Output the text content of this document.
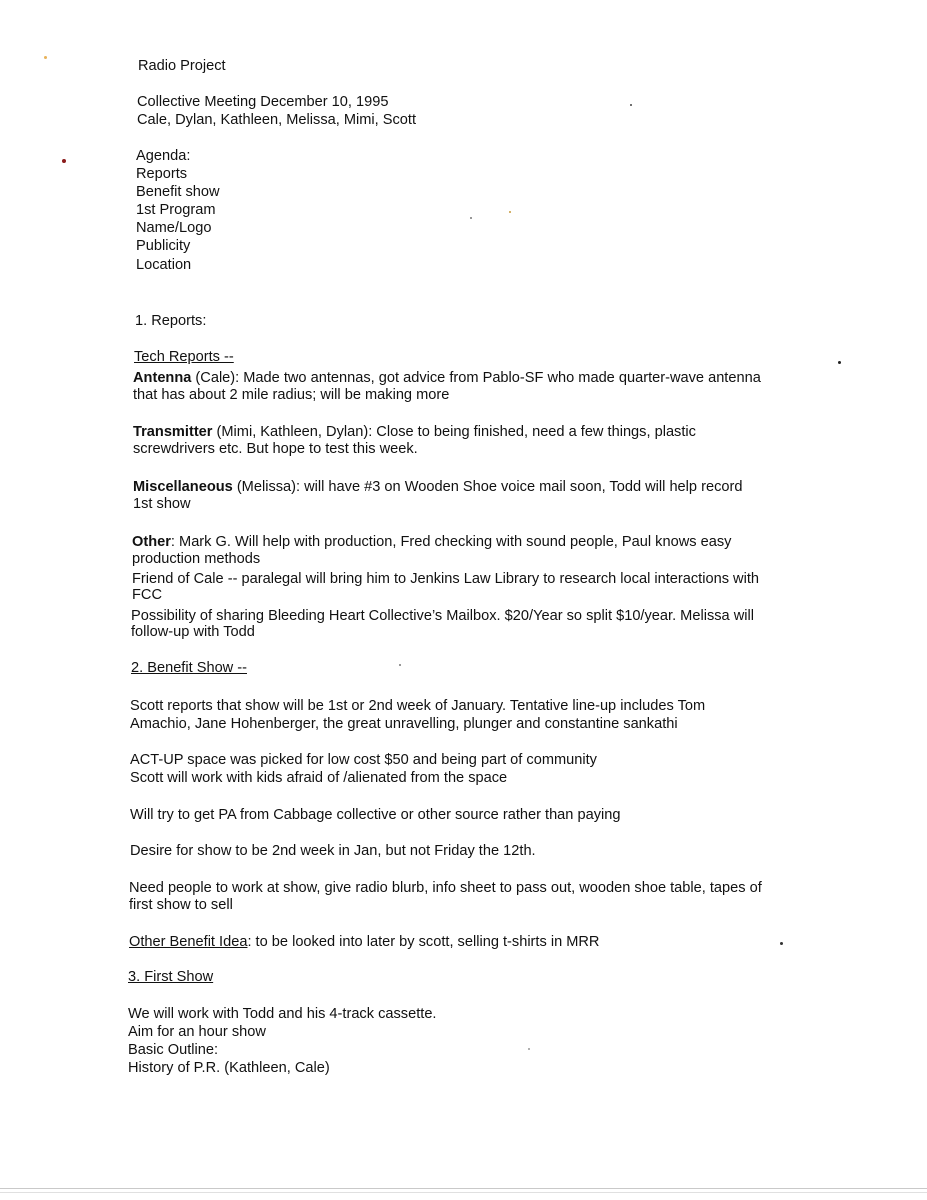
Radio Project
Collective Meeting December 10, 1995
Cale, Dylan, Kathleen, Melissa, Mimi, Scott
Agenda:
Reports
Benefit show
1st Program
Name/Logo
Publicity
Location
1. Reports:
Tech Reports --
Antenna (Cale): Made two antennas, got advice from Pablo-SF who made quarter-wave antenna
that has about 2 mile radius; will be making more
Transmitter (Mimi, Kathleen, Dylan): Close to being finished, need a few things, plastic
screwdrivers etc. But hope to test this week.
Miscellaneous (Melissa): will have #3 on Wooden Shoe voice mail soon, Todd will help record
1st show
Other: Mark G. Will help with production, Fred checking with sound people, Paul knows easy
production methods
Friend of Cale -- paralegal will bring him to Jenkins Law Library to research local interactions with
FCC
Possibility of sharing Bleeding Heart Collective’s Mailbox. $20/Year so split $10/year. Melissa will
follow-up with Todd
2. Benefit Show --
Scott reports that show will be 1st or 2nd week of January. Tentative line-up includes Tom
Amachio, Jane Hohenberger, the great unravelling, plunger and constantine sankathi
ACT-UP space was picked for low cost $50 and being part of community
Scott will work with kids afraid of /alienated from the space
Will try to get PA from Cabbage collective or other source rather than paying
Desire for show to be 2nd week in Jan, but not Friday the 12th.
Need people to work at show, give radio blurb, info sheet to pass out, wooden shoe table, tapes of
first show to sell
Other Benefit Idea: to be looked into later by scott, selling t-shirts in MRR
3. First Show
We will work with Todd and his 4-track cassette.
Aim for an hour show
Basic Outline:
History of P.R. (Kathleen, Cale)
